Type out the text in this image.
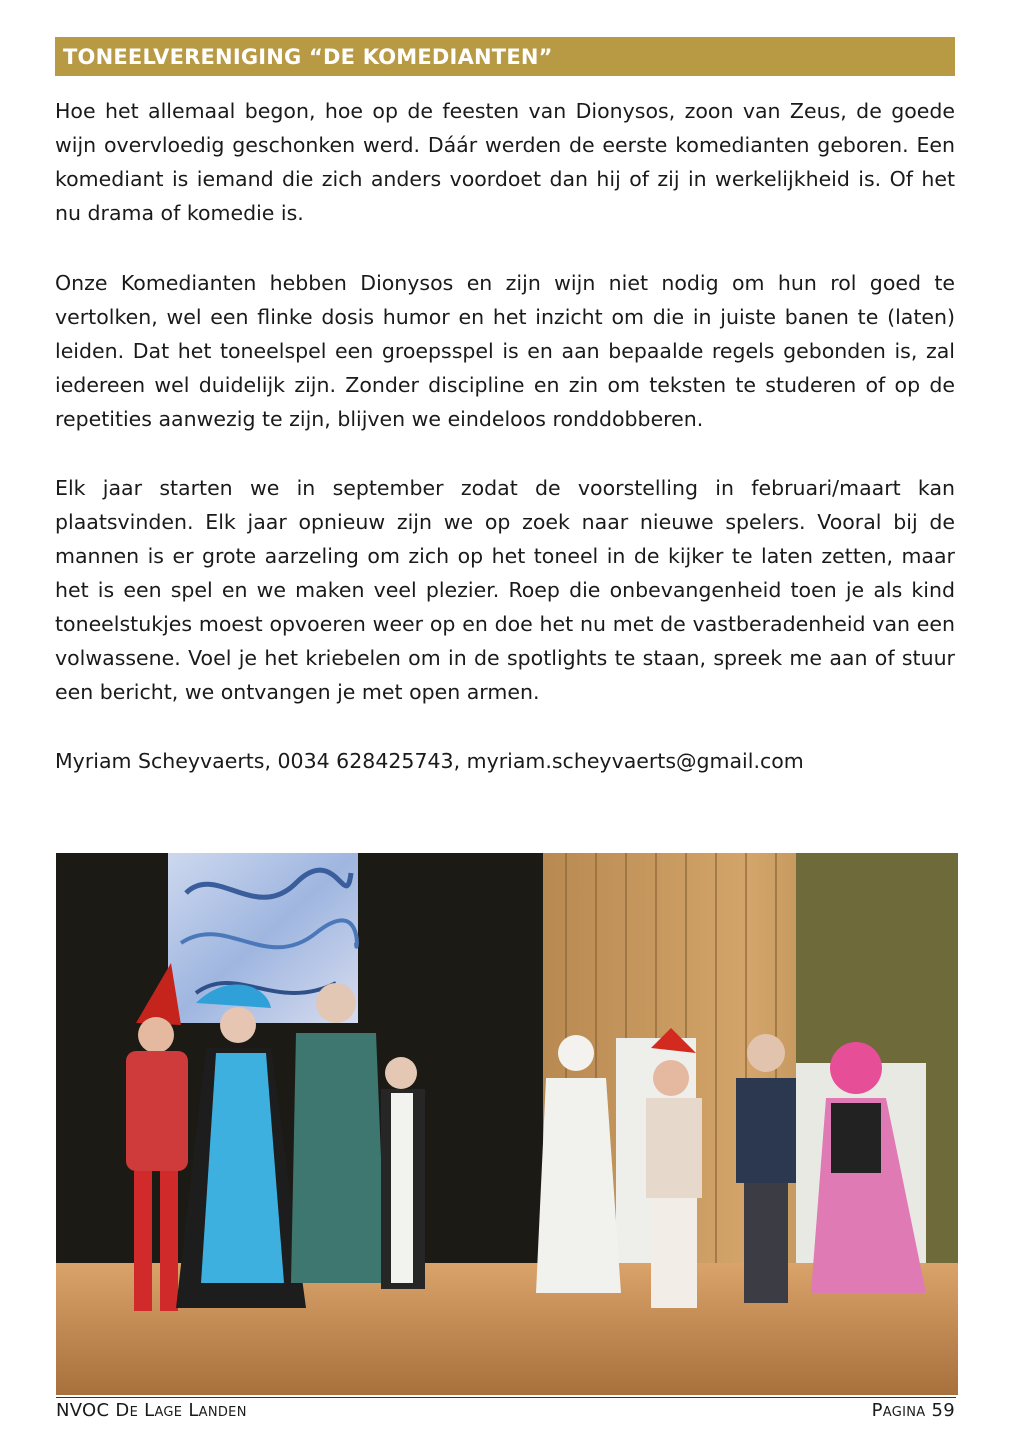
TONEELVERENIGING “DE KOMEDIANTEN”

Hoe het allemaal begon, hoe op de feesten van Dionysos, zoon van Zeus, de goede wijn overvloedig geschonken werd. Dáár werden de eerste komedianten geboren. Een komediant is iemand die zich anders voordoet dan hij of zij in werkelijkheid is. Of het nu drama of komedie is.

Onze Komedianten hebben Dionysos en zijn wijn niet nodig om hun rol goed te vertolken, wel een flinke dosis humor en het inzicht om die in juiste banen te (laten) leiden. Dat het toneelspel een groepsspel is en aan bepaalde regels gebonden is, zal iedereen wel duidelijk zijn. Zonder discipline en zin om teksten te studeren of op de repetities aanwezig te zijn, blijven we eindeloos ronddobberen.

Elk jaar starten we in september zodat de voorstelling in februari/maart kan plaatsvinden. Elk jaar opnieuw zijn we op zoek naar nieuwe spelers. Vooral bij de mannen is er grote aarzeling om zich op het toneel in de kijker te laten zetten, maar het is een spel en we maken veel plezier. Roep die onbevangenheid toen je als kind toneelstukjes moest opvoeren weer op en doe het nu met de vastberadenheid van een volwassene. Voel je het kriebelen om in de spotlights te staan, spreek me aan of stuur een bericht, we ontvangen je met open armen.

Myriam Scheyvaerts, 0034 628425743, myriam.scheyvaerts@gmail.com

NVOC De Lage Landen	Pagina 59
